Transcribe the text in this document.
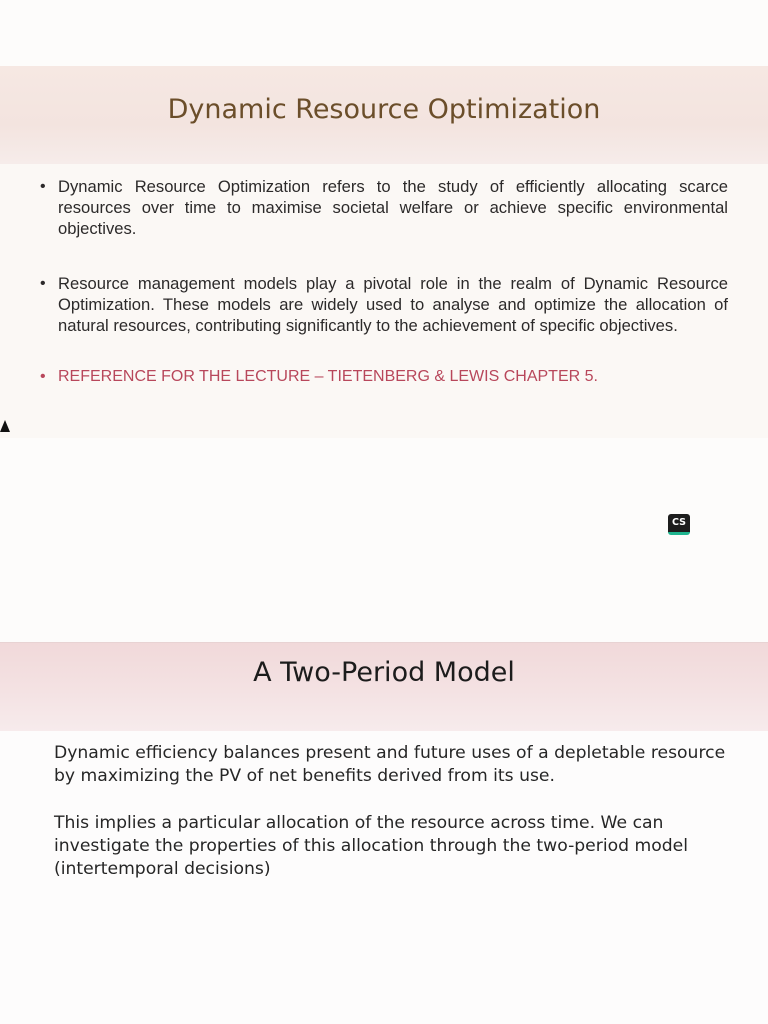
Dynamic Resource Optimization
• Dynamic Resource Optimization refers to the study of efficiently allocating scarce resources over time to maximise societal welfare or achieve specific environmental objectives.
• Resource management models play a pivotal role in the realm of Dynamic Resource Optimization. These models are widely used to analyse and optimize the allocation of natural resources, contributing significantly to the achievement of specific objectives.
• REFERENCE FOR THE LECTURE – TIETENBERG & LEWIS CHAPTER 5.
CS
A Two-Period Model

Dynamic efficiency balances present and future uses of a depletable resource by maximizing the PV of net benefits derived from its use.

This implies a particular allocation of the resource across time. We can investigate the properties of this allocation through the two-period model (intertemporal decisions)
